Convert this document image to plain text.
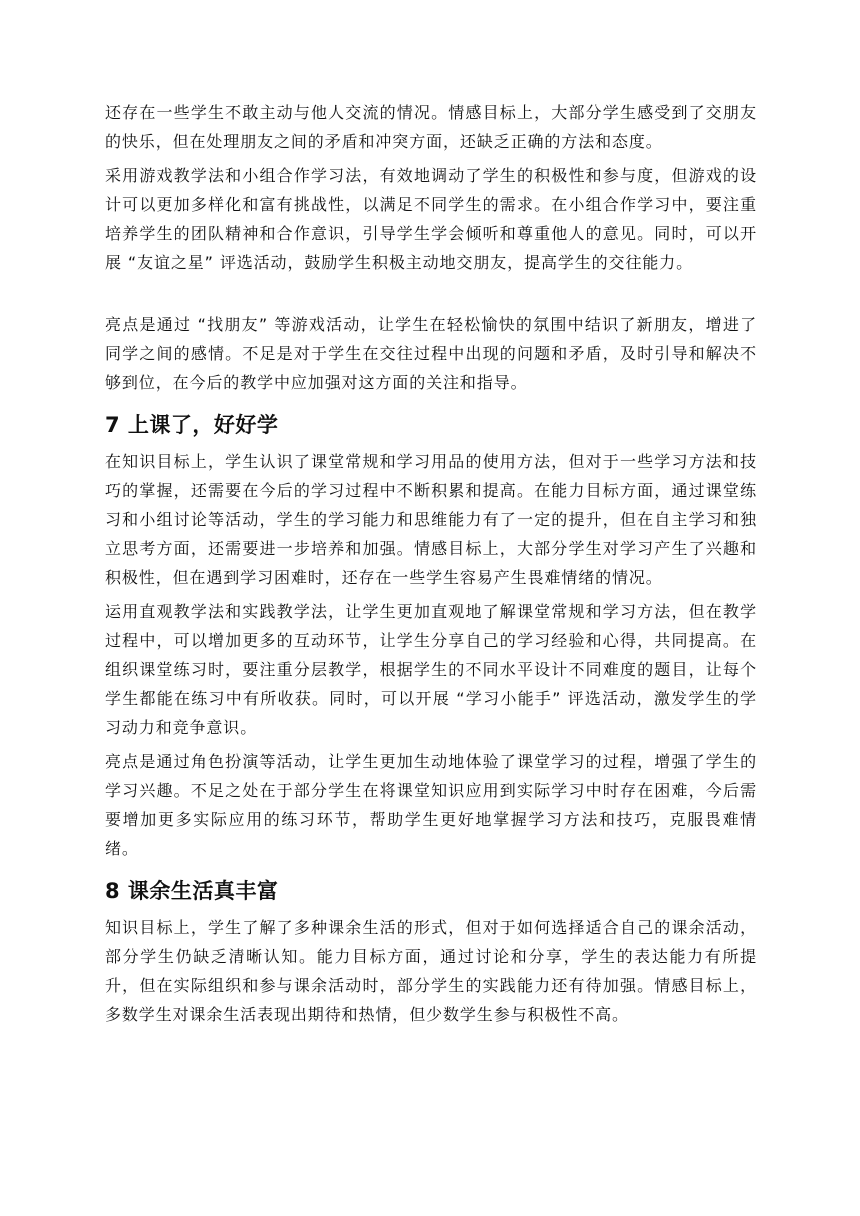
还存在一些学生不敢主动与他人交流的情况。情感目标上，大部分学生感受到了交朋友的快乐，但在处理朋友之间的矛盾和冲突方面，还缺乏正确的方法和态度。

采用游戏教学法和小组合作学习法，有效地调动了学生的积极性和参与度，但游戏的设计可以更加多样化和富有挑战性，以满足不同学生的需求。在小组合作学习中，要注重培养学生的团队精神和合作意识，引导学生学会倾听和尊重他人的意见。同时，可以开展 “友谊之星” 评选活动，鼓励学生积极主动地交朋友，提高学生的交往能力。

亮点是通过 “找朋友” 等游戏活动，让学生在轻松愉快的氛围中结识了新朋友，增进了同学之间的感情。不足是对于学生在交往过程中出现的问题和矛盾，及时引导和解决不够到位，在今后的教学中应加强对这方面的关注和指导。

7 上课了，好好学

在知识目标上，学生认识了课堂常规和学习用品的使用方法，但对于一些学习方法和技巧的掌握，还需要在今后的学习过程中不断积累和提高。在能力目标方面，通过课堂练习和小组讨论等活动，学生的学习能力和思维能力有了一定的提升，但在自主学习和独立思考方面，还需要进一步培养和加强。情感目标上，大部分学生对学习产生了兴趣和积极性，但在遇到学习困难时，还存在一些学生容易产生畏难情绪的情况。

运用直观教学法和实践教学法，让学生更加直观地了解课堂常规和学习方法，但在教学过程中，可以增加更多的互动环节，让学生分享自己的学习经验和心得，共同提高。在组织课堂练习时，要注重分层教学，根据学生的不同水平设计不同难度的题目，让每个学生都能在练习中有所收获。同时，可以开展 “学习小能手” 评选活动，激发学生的学习动力和竞争意识。

亮点是通过角色扮演等活动，让学生更加生动地体验了课堂学习的过程，增强了学生的学习兴趣。不足之处在于部分学生在将课堂知识应用到实际学习中时存在困难，今后需要增加更多实际应用的练习环节，帮助学生更好地掌握学习方法和技巧，克服畏难情绪。

8 课余生活真丰富

知识目标上，学生了解了多种课余生活的形式，但对于如何选择适合自己的课余活动，部分学生仍缺乏清晰认知。能力目标方面，通过讨论和分享，学生的表达能力有所提升，但在实际组织和参与课余活动时，部分学生的实践能力还有待加强。情感目标上，多数学生对课余生活表现出期待和热情，但少数学生参与积极性不高。
